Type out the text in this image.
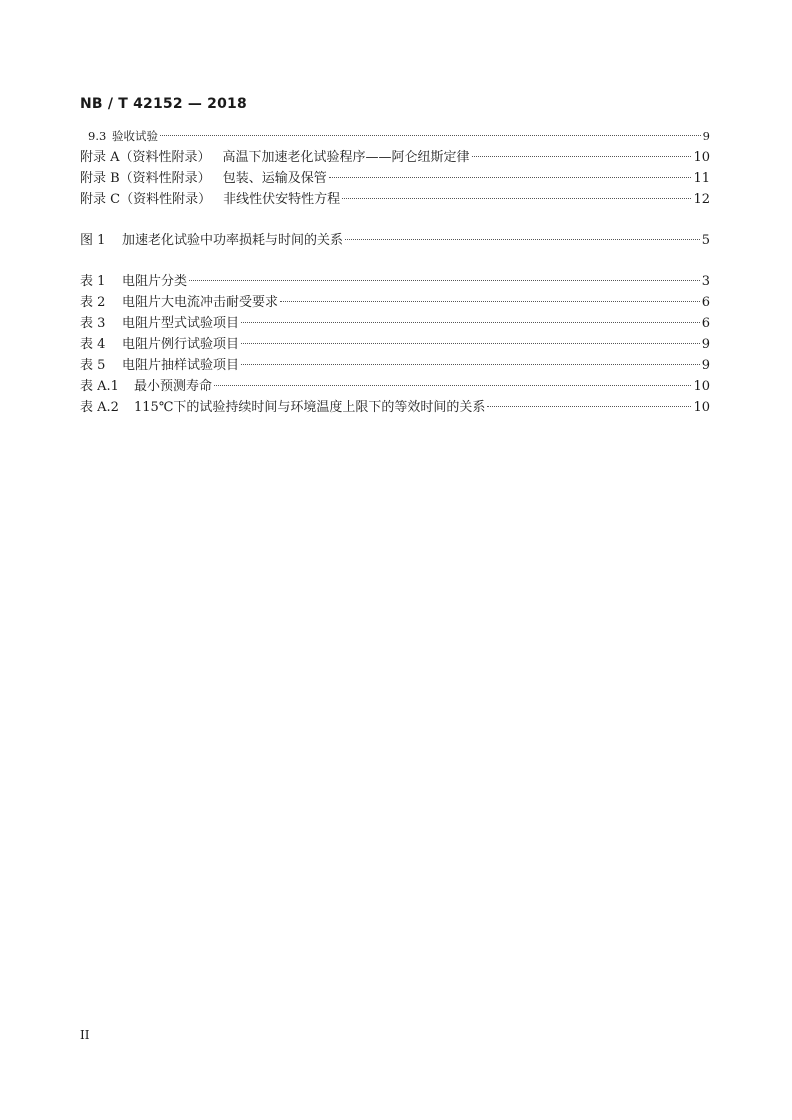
NB / T 42152 — 2018
9.3 验收试验	9
附录 A（资料性附录） 高温下加速老化试验程序——阿仑纽斯定律	10
附录 B（资料性附录） 包装、运输及保管	11
附录 C（资料性附录） 非线性伏安特性方程	12
图 1	加速老化试验中功率损耗与时间的关系	5
表 1	电阻片分类	3
表 2	电阻片大电流冲击耐受要求	6
表 3	电阻片型式试验项目	6
表 4	电阻片例行试验项目	9
表 5	电阻片抽样试验项目	9
表 A.1	最小预测寿命	10
表 A.2	115℃下的试验持续时间与环境温度上限下的等效时间的关系	10
II
